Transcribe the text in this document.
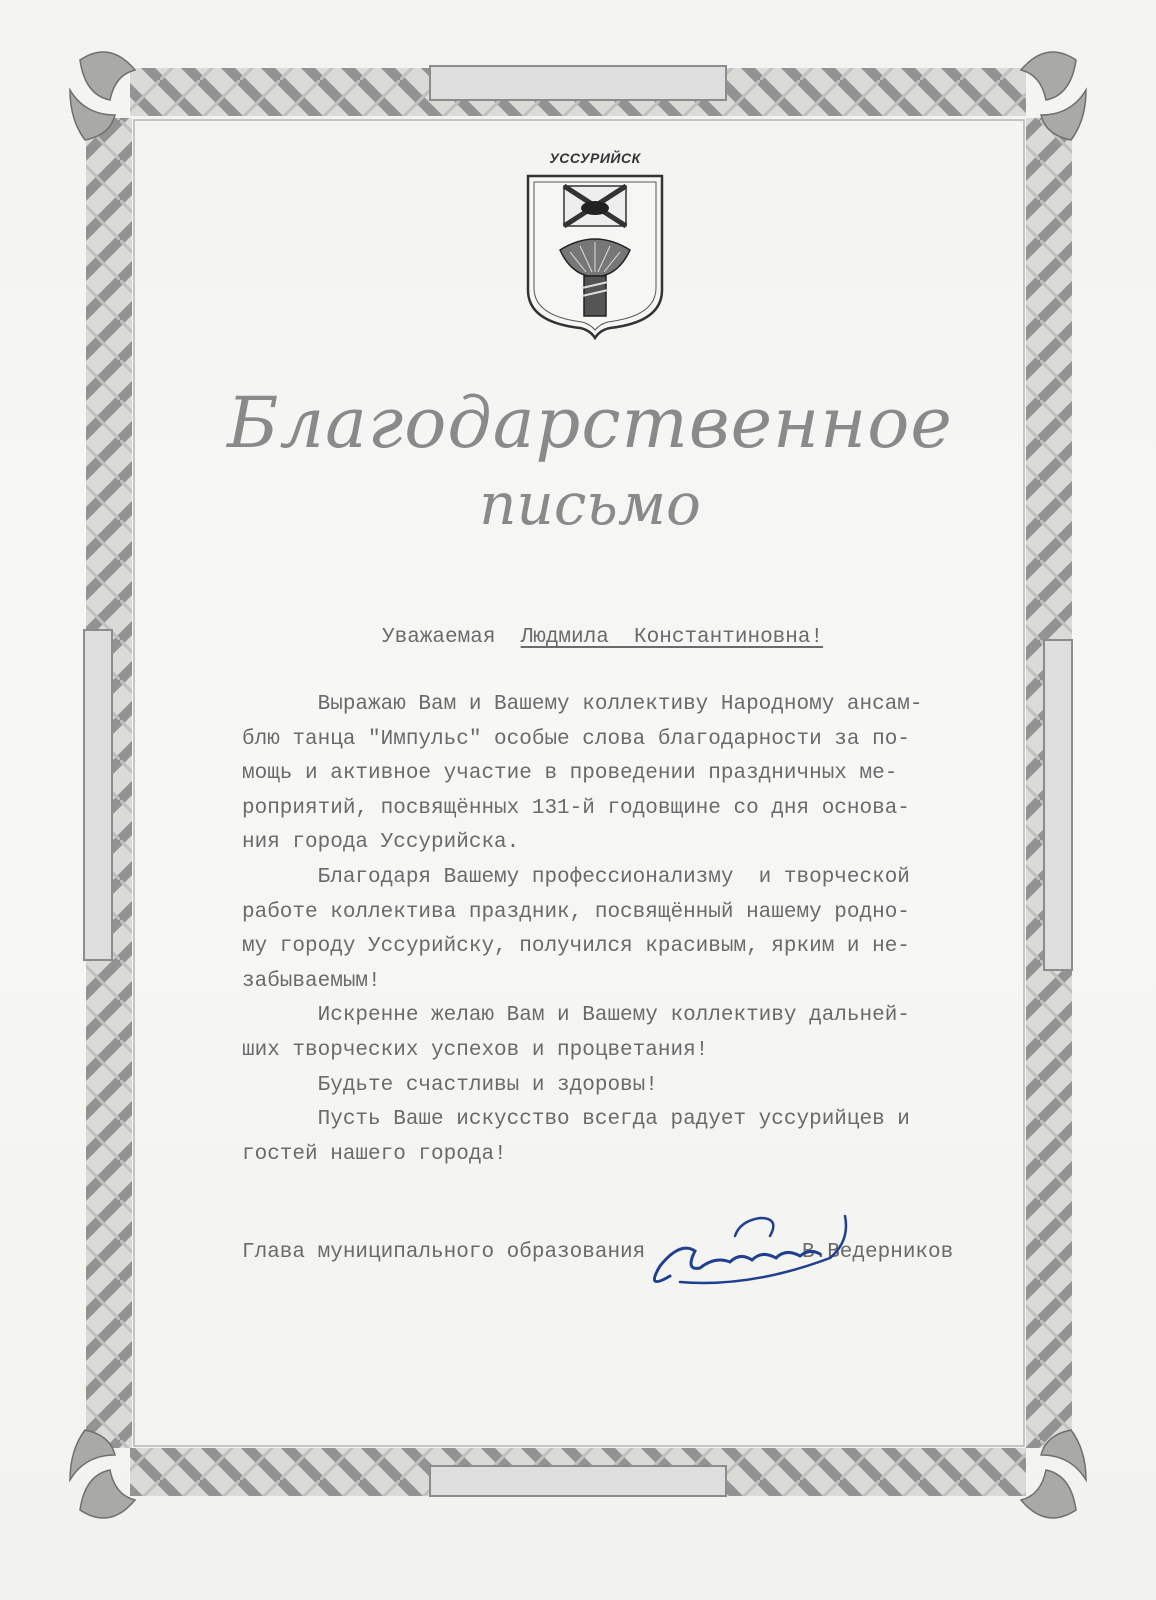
УССУРИЙСК
Благодарственное
письмо
Уважаемая  Людмила  Константиновна!
Выражаю Вам и Вашему коллективу Народному ансам-
блю танца "Импульс" особые слова благодарности за по-
мощь и активное участие в проведении праздничных ме-
роприятий, посвящённых 131-й годовщине со дня основа-
ния города Уссурийска.
Благодаря Вашему профессионализму  и творческой
работе коллектива праздник, посвящённый нашему родно-
му городу Уссурийску, получился красивым, ярким и не-
забываемым!
Искренне желаю Вам и Вашему коллективу дальней-
ших творческих успехов и процветания!
Будьте счастливы и здоровы!
Пусть Ваше искусство всегда радует уссурийцев и
гостей нашего города!
Глава муниципального образования	В.Ведерников
